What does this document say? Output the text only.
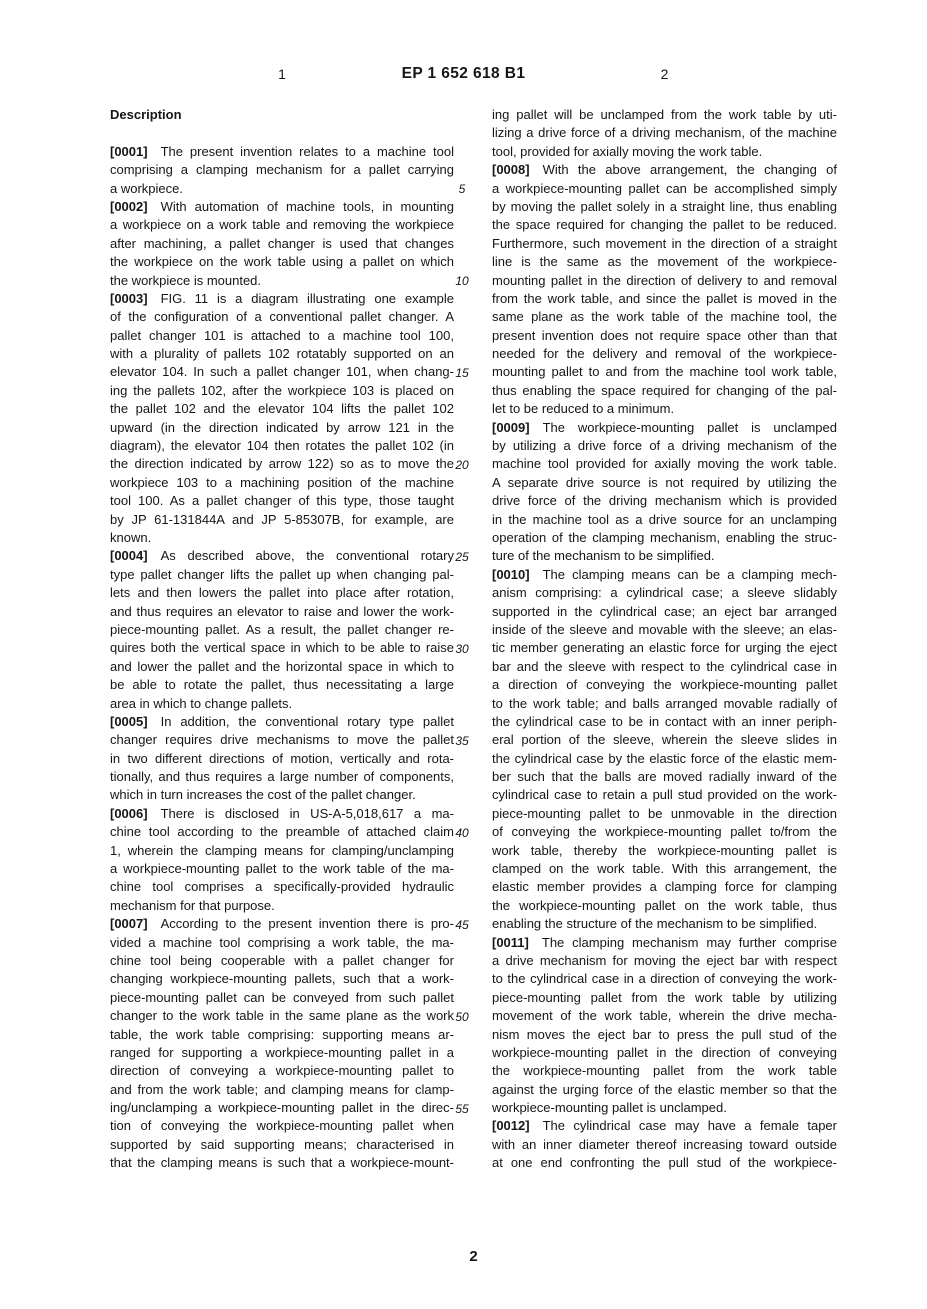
1	EP 1 652 618 B1	2
Description
[0001] The present invention relates to a machine tool
comprising a clamping mechanism for a pallet carrying
a workpiece.
[0002] With automation of machine tools, in mounting
a workpiece on a work table and removing the workpiece
after machining, a pallet changer is used that changes
the workpiece on the work table using a pallet on which
the workpiece is mounted.
[0003] FIG. 11 is a diagram illustrating one example
of the configuration of a conventional pallet changer. A
pallet changer 101 is attached to a machine tool 100,
with a plurality of pallets 102 rotatably supported on an
elevator 104. In such a pallet changer 101, when chang-
ing the pallets 102, after the workpiece 103 is placed on
the pallet 102 and the elevator 104 lifts the pallet 102
upward (in the direction indicated by arrow 121 in the
diagram), the elevator 104 then rotates the pallet 102 (in
the direction indicated by arrow 122) so as to move the
workpiece 103 to a machining position of the machine
tool 100. As a pallet changer of this type, those taught
by JP 61-131844A and JP 5-85307B, for example, are
known.
[0004] As described above, the conventional rotary
type pallet changer lifts the pallet up when changing pal-
lets and then lowers the pallet into place after rotation,
and thus requires an elevator to raise and lower the work-
piece-mounting pallet. As a result, the pallet changer re-
quires both the vertical space in which to be able to raise
and lower the pallet and the horizontal space in which to
be able to rotate the pallet, thus necessitating a large
area in which to change pallets.
[0005] In addition, the conventional rotary type pallet
changer requires drive mechanisms to move the pallet
in two different directions of motion, vertically and rota-
tionally, and thus requires a large number of components,
which in turn increases the cost of the pallet changer.
[0006] There is disclosed in US-A-5,018,617 a ma-
chine tool according to the preamble of attached claim
1, wherein the clamping means for clamping/unclamping
a workpiece-mounting pallet to the work table of the ma-
chine tool comprises a specifically-provided hydraulic
mechanism for that purpose.
[0007] According to the present invention there is pro-
vided a machine tool comprising a work table, the ma-
chine tool being cooperable with a pallet changer for
changing workpiece-mounting pallets, such that a work-
piece-mounting pallet can be conveyed from such pallet
changer to the work table in the same plane as the work
table, the work table comprising: supporting means ar-
ranged for supporting a workpiece-mounting pallet in a
direction of conveying a workpiece-mounting pallet to
and from the work table; and clamping means for clamp-
ing/unclamping a workpiece-mounting pallet in the direc-
tion of conveying the workpiece-mounting pallet when
supported by said supporting means; characterised in
that the clamping means is such that a workpiece-mount-
ing pallet will be unclamped from the work table by uti-
lizing a drive force of a driving mechanism, of the machine
tool, provided for axially moving the work table.
[0008] With the above arrangement, the changing of
a workpiece-mounting pallet can be accomplished simply
by moving the pallet solely in a straight line, thus enabling
the space required for changing the pallet to be reduced.
Furthermore, such movement in the direction of a straight
line is the same as the movement of the workpiece-
mounting pallet in the direction of delivery to and removal
from the work table, and since the pallet is moved in the
same plane as the work table of the machine tool, the
present invention does not require space other than that
needed for the delivery and removal of the workpiece-
mounting pallet to and from the machine tool work table,
thus enabling the space required for changing of the pal-
let to be reduced to a minimum.
[0009] The workpiece-mounting pallet is unclamped
by utilizing a drive force of a driving mechanism of the
machine tool provided for axially moving the work table.
A separate drive source is not required by utilizing the
drive force of the driving mechanism which is provided
in the machine tool as a drive source for an unclamping
operation of the clamping mechanism, enabling the struc-
ture of the mechanism to be simplified.
[0010] The clamping means can be a clamping mech-
anism comprising: a cylindrical case; a sleeve slidably
supported in the cylindrical case; an eject bar arranged
inside of the sleeve and movable with the sleeve; an elas-
tic member generating an elastic force for urging the eject
bar and the sleeve with respect to the cylindrical case in
a direction of conveying the workpiece-mounting pallet
to the work table; and balls arranged movable radially of
the cylindrical case to be in contact with an inner periph-
eral portion of the sleeve, wherein the sleeve slides in
the cylindrical case by the elastic force of the elastic mem-
ber such that the balls are moved radially inward of the
cylindrical case to retain a pull stud provided on the work-
piece-mounting pallet to be unmovable in the direction
of conveying the workpiece-mounting pallet to/from the
work table, thereby the workpiece-mounting pallet is
clamped on the work table. With this arrangement, the
elastic member provides a clamping force for clamping
the workpiece-mounting pallet on the work table, thus
enabling the structure of the mechanism to be simplified.
[0011] The clamping mechanism may further comprise
a drive mechanism for moving the eject bar with respect
to the cylindrical case in a direction of conveying the work-
piece-mounting pallet from the work table by utilizing
movement of the work table, wherein the drive mecha-
nism moves the eject bar to press the pull stud of the
workpiece-mounting pallet in the direction of conveying
the workpiece-mounting pallet from the work table
against the urging force of the elastic member so that the
workpiece-mounting pallet is unclamped.
[0012] The cylindrical case may have a female taper
with an inner diameter thereof increasing toward outside
at one end confronting the pull stud of the workpiece-
5
10
15
20
25
30
35
40
45
50
55
2
